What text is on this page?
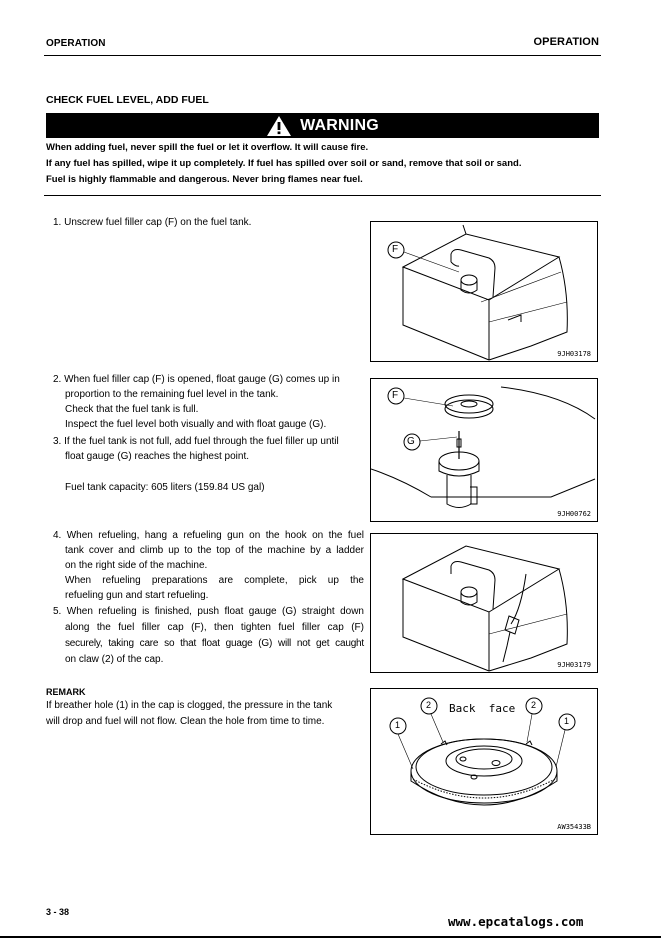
OPERATION	OPERATION
CHECK FUEL LEVEL, ADD FUEL
WARNING
When adding fuel, never spill the fuel or let it overflow. It will cause fire.
If any fuel has spilled, wipe it up completely. If fuel has spilled over soil or sand, remove that soil or sand.
Fuel is highly flammable and dangerous. Never bring flames near fuel.
1. Unscrew fuel filler cap (F) on the fuel tank.
2. When fuel filler cap (F) is opened, float gauge (G) comes up in
proportion to the remaining fuel level in the tank.
Check that the fuel tank is full.
Inspect the fuel level both visually and with float gauge (G).
3. If the fuel tank is not full, add fuel through the fuel filler up until
float gauge (G) reaches the highest point.
Fuel tank capacity: 605 liters (159.84 US gal)
4. When refueling, hang a refueling gun on the hook on the fuel
tank cover and climb up to the top of the machine by a ladder
on the right side of the machine.
When refueling preparations are complete, pick up the
refueling gun and start refueling.
5. When refueling is finished, push float gauge (G) straight down
along the fuel filler cap (F), then tighten fuel filler cap (F)
securely, taking care so that float guage (G) will not get caught
on claw (2) of the cap.
REMARK
If breather hole (1) in the cap is clogged, the pressure in the tank
will drop and fuel will not flow. Clean the hole from time to time.
F
9JH03178
F
G
9JH00762
9JH03179
Back  face
1
2	2
1
AW35433B
3 - 38
www.epcatalogs.com
